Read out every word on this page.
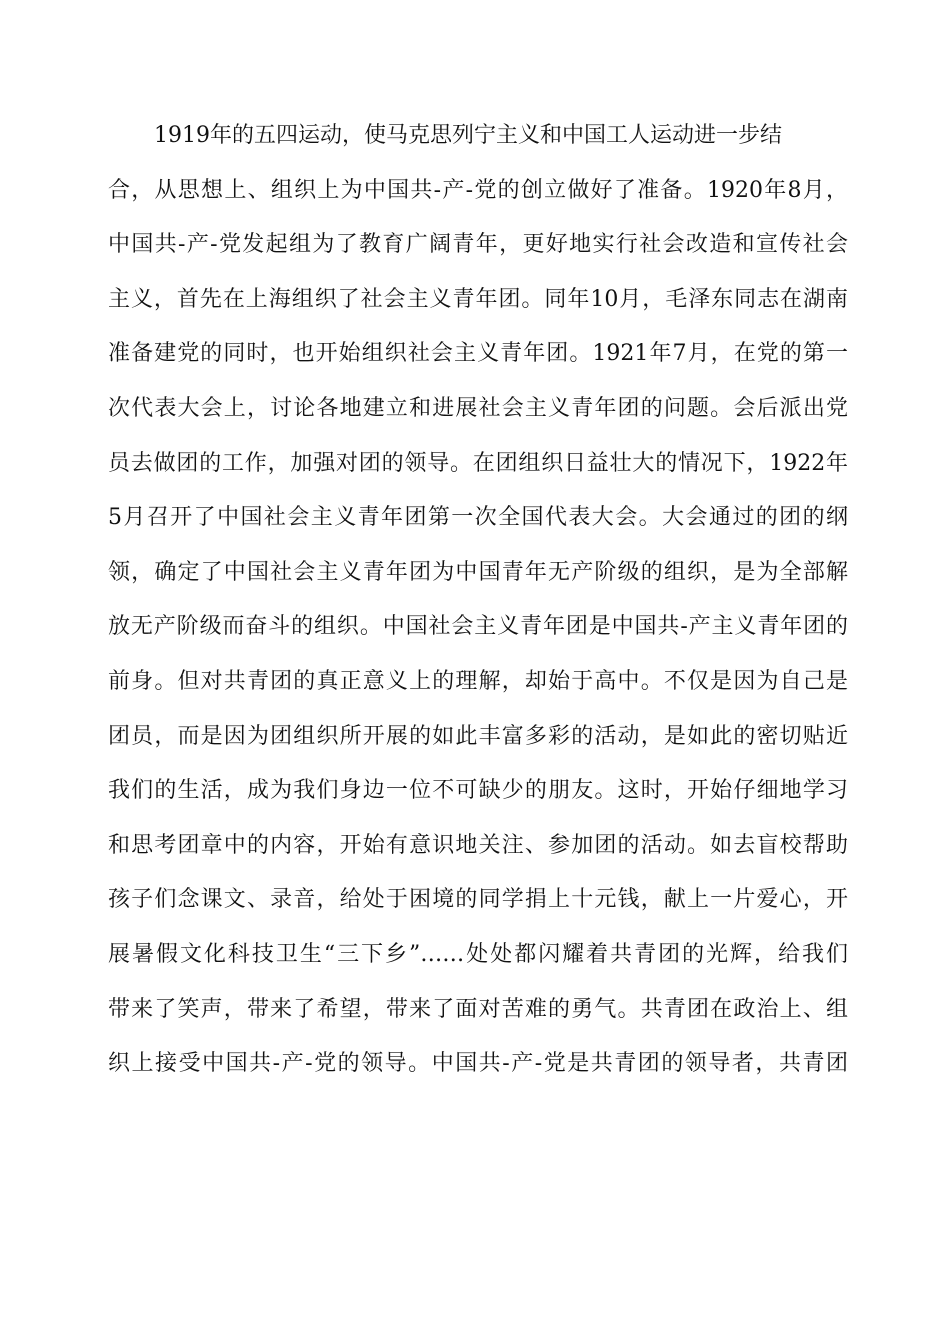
1919年的五四运动，使马克思列宁主义和中国工人运动进一步结
合，从思想上、组织上为中国共-产-党的创立做好了准备。1920年8月，
中国共-产-党发起组为了教育广阔青年，更好地实行社会改造和宣传社会
主义，首先在上海组织了社会主义青年团。同年10月，毛泽东同志在湖南
准备建党的同时，也开始组织社会主义青年团。1921年7月，在党的第一
次代表大会上，讨论各地建立和进展社会主义青年团的问题。会后派出党
员去做团的工作，加强对团的领导。在团组织日益壮大的情况下，1922年
5月召开了中国社会主义青年团第一次全国代表大会。大会通过的团的纲
领，确定了中国社会主义青年团为中国青年无产阶级的组织，是为全部解
放无产阶级而奋斗的组织。中国社会主义青年团是中国共-产主义青年团的
前身。但对共青团的真正意义上的理解，却始于高中。不仅是因为自己是
团员，而是因为团组织所开展的如此丰富多彩的活动，是如此的密切贴近
我们的生活，成为我们身边一位不可缺少的朋友。这时，开始仔细地学习
和思考团章中的内容，开始有意识地关注、参加团的活动。如去盲校帮助
孩子们念课文、录音，给处于困境的同学捐上十元钱，献上一片爱心，开
展暑假文化科技卫生“三下乡”……处处都闪耀着共青团的光辉，给我们
带来了笑声，带来了希望，带来了面对苦难的勇气。共青团在政治上、组
织上接受中国共-产-党的领导。中国共-产-党是共青团的领导者，共青团
